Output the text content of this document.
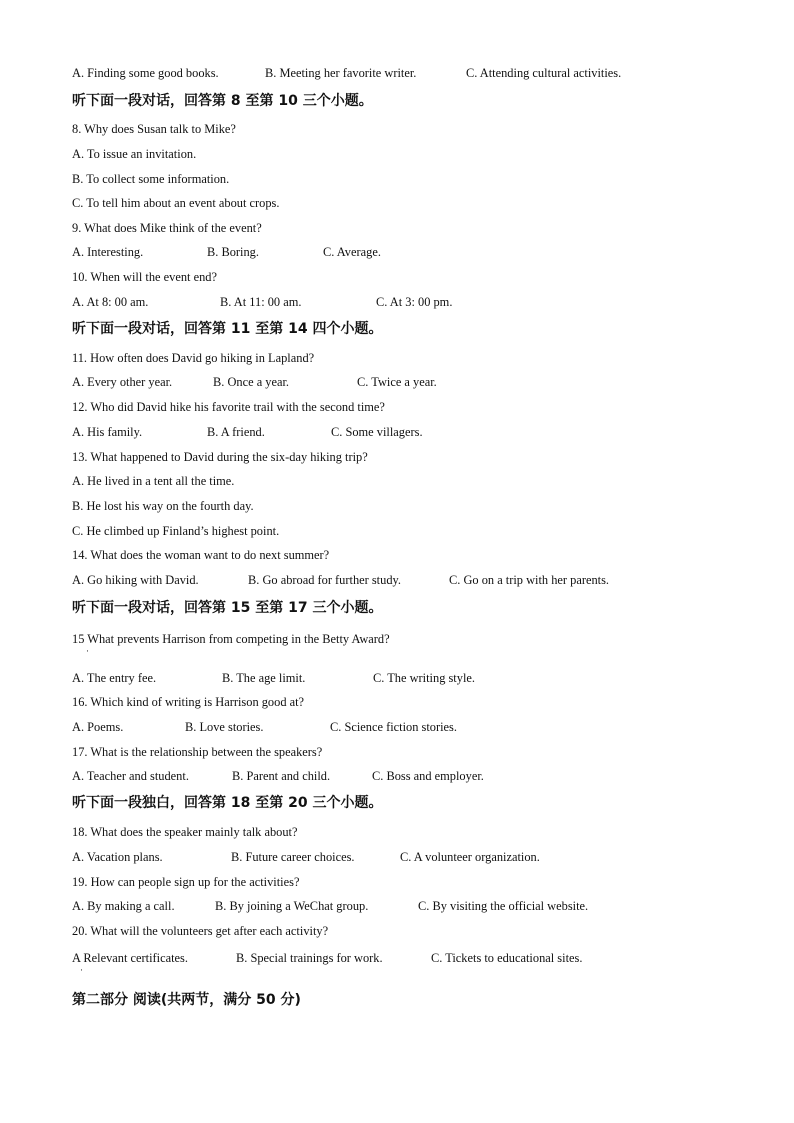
A. Finding some good books.	B. Meeting her favorite writer.	C. Attending cultural activities.
听下面一段对话，回答第 8 至第 10 三个小题。
8. Why does Susan talk to Mike?
A. To issue an invitation.
B. To collect some information.
C. To tell him about an event about crops.
9. What does Mike think of the event?
A. Interesting.	B. Boring.	C. Average.
10. When will the event end?
A. At 8: 00 am.	B. At 11: 00 am.	C. At 3: 00 pm.
听下面一段对话，回答第 11 至第 14 四个小题。
11. How often does David go hiking in Lapland?
A. Every other year.	B. Once a year.	C. Twice a year.
12. Who did David hike his favorite trail with the second time?
A. His family.	B. A friend.	C. Some villagers.
13. What happened to David during the six-day hiking trip?
A. He lived in a tent all the time.
B. He lost his way on the fourth day.
C. He climbed up Finland’s highest point.
14. What does the woman want to do next summer?
A. Go hiking with David.	B. Go abroad for further study.	C. Go on a trip with her parents.
听下面一段对话，回答第 15 至第 17 三个小题。
15 What prevents Harrison from competing in the Betty Award?
·
A. The entry fee.	B. The age limit.	C. The writing style.
16. Which kind of writing is Harrison good at?
A. Poems.	B. Love stories.	C. Science fiction stories.
17. What is the relationship between the speakers?
A. Teacher and student.	B. Parent and child.	C. Boss and employer.
听下面一段独白，回答第 18 至第 20 三个小题。
18. What does the speaker mainly talk about?
A. Vacation plans.	B. Future career choices.	C. A volunteer organization.
19. How can people sign up for the activities?
A. By making a call.	B. By joining a WeChat group.	C. By visiting the official website.
20. What will the volunteers get after each activity?
A Relevant certificates.	B. Special trainings for work.	C. Tickets to educational sites.
·
第二部分 阅读(共两节，满分 50 分)
